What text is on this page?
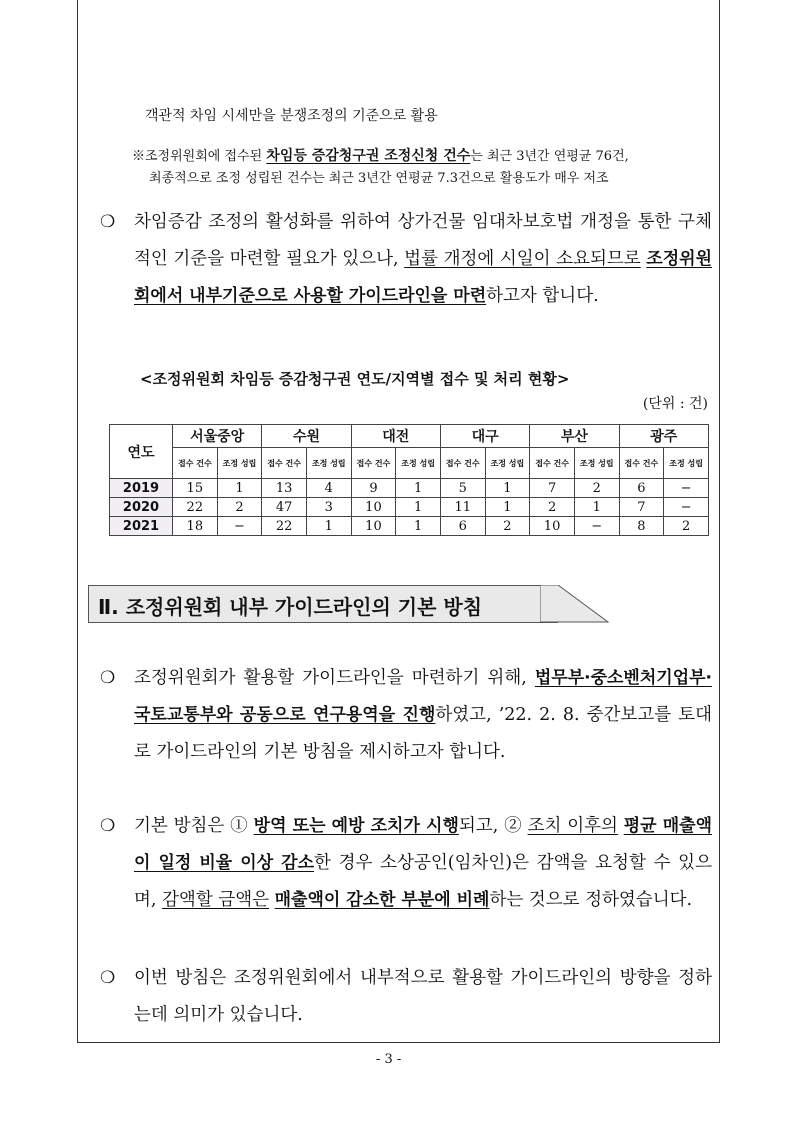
객관적 차임 시세만을 분쟁조정의 기준으로 활용
※조정위원회에 접수된 차임등 증감청구권 조정신청 건수는 최근 3년간 연평균 76건,
최종적으로 조정 성립된 건수는 최근 3년간 연평균 7.3건으로 활용도가 매우 저조
❍ 차임증감 조정의 활성화를 위하여 상가건물 임대차보호법 개정을 통한 구체적인 기준을 마련할 필요가 있으나, 법률 개정에 시일이 소요되므로 조정위원회에서 내부기준으로 사용할 가이드라인을 마련하고자 합니다.
<조정위원회 차임등 증감청구권 연도/지역별 접수 및 처리 현황>
(단위 : 건)
연도	서울중앙		수원		대전		대구		부산		광주	
	접수 건수	조정 성립	접수 건수	조정 성립	접수 건수	조정 성립	접수 건수	조정 성립	접수 건수	조정 성립	접수 건수	조정 성립
2019	15	1	13	4	9	1	5	1	7	2	6	−
2020	22	2	47	3	10	1	11	1	2	1	7	−
2021	18	−	22	1	10	1	6	2	10	−	8	2
Ⅱ. 조정위원회 내부 가이드라인의 기본 방침
❍ 조정위원회가 활용할 가이드라인을 마련하기 위해, 법무부·중소벤처기업부·국토교통부와 공동으로 연구용역을 진행하였고, ’22. 2. 8. 중간보고를 토대로 가이드라인의 기본 방침을 제시하고자 합니다.
❍ 기본 방침은 ① 방역 또는 예방 조치가 시행되고, ② 조치 이후의 평균 매출액이 일정 비율 이상 감소한 경우 소상공인(임차인)은 감액을 요청할 수 있으며, 감액할 금액은 매출액이 감소한 부분에 비례하는 것으로 정하였습니다.
❍ 이번 방침은 조정위원회에서 내부적으로 활용할 가이드라인의 방향을 정하는데 의미가 있습니다.
- 3 -
